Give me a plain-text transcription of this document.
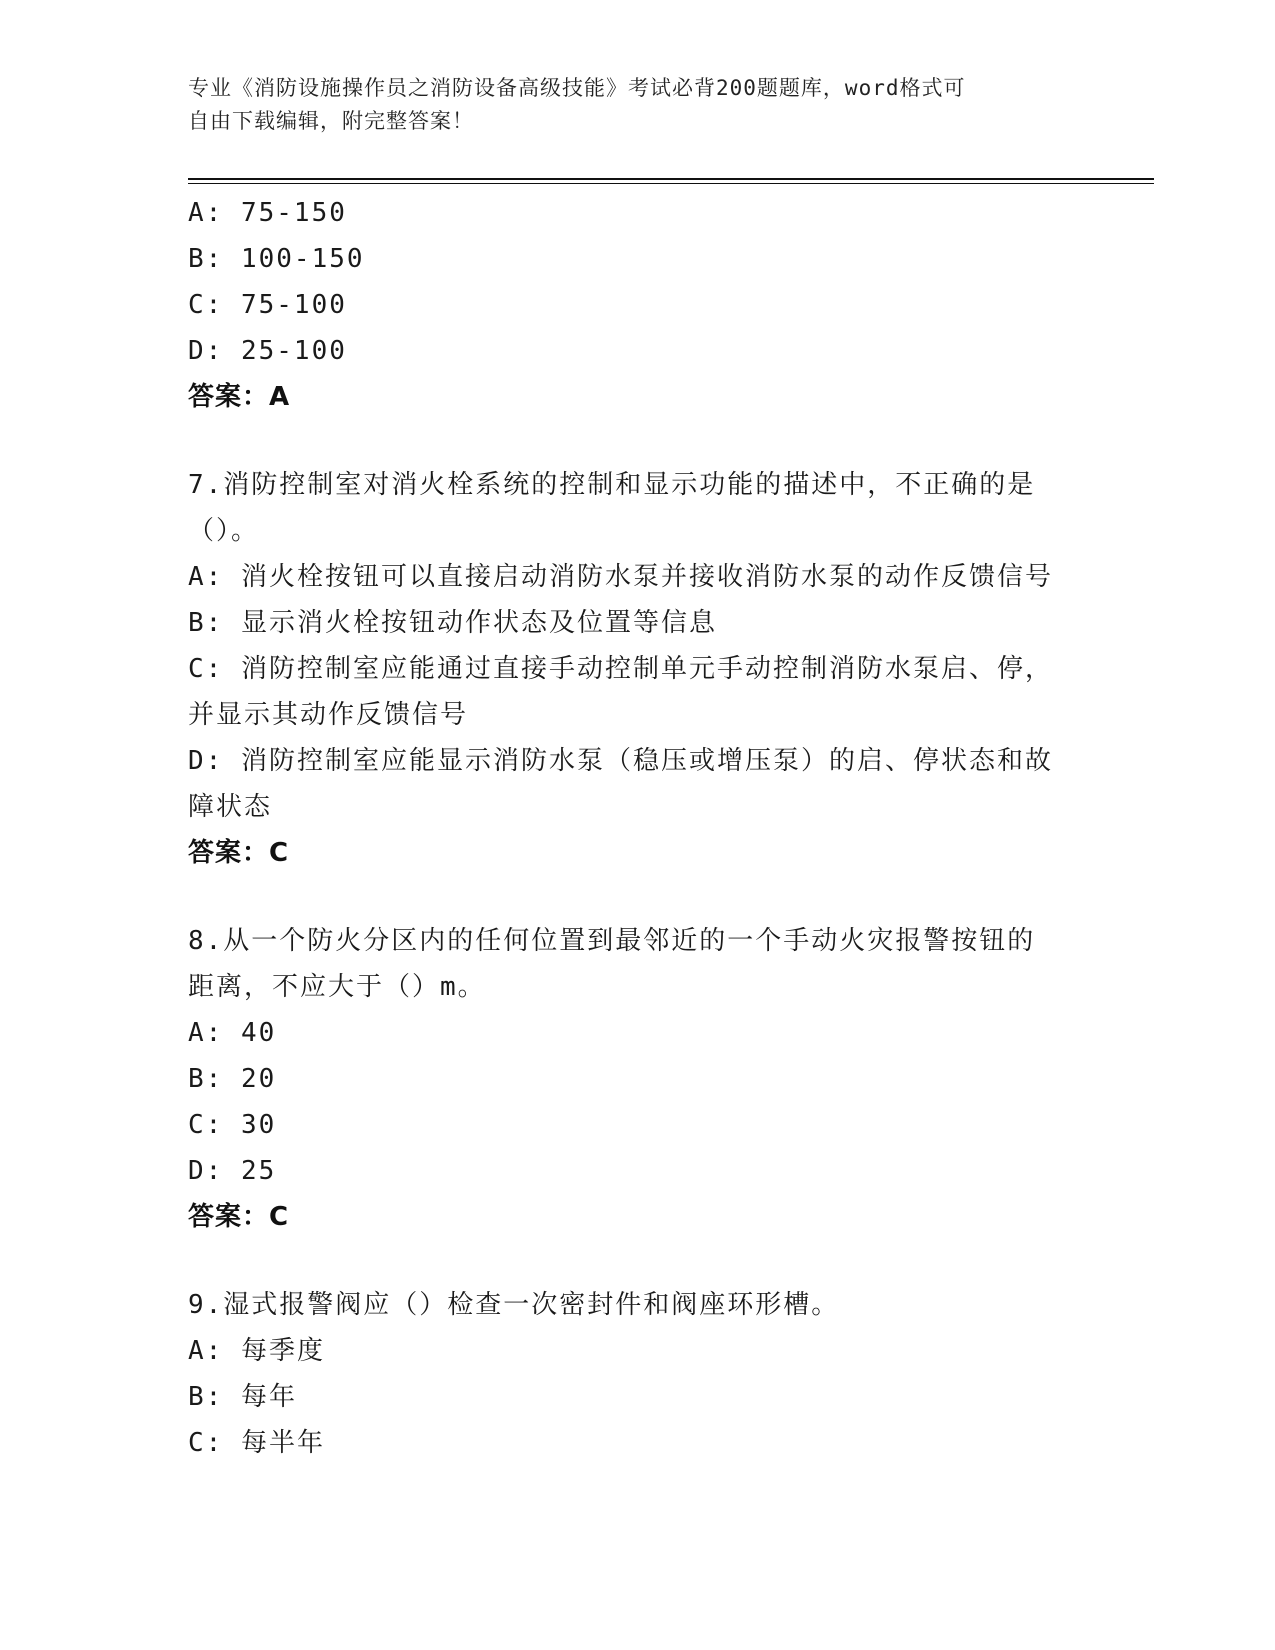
专业《消防设施操作员之消防设备高级技能》考试必背200题题库，word格式可
自由下载编辑，附完整答案！
A: 75-150
B: 100-150
C: 75-100
D: 25-100
答案：A
7.消防控制室对消火栓系统的控制和显示功能的描述中，不正确的是
（）。
A: 消火栓按钮可以直接启动消防水泵并接收消防水泵的动作反馈信号
B: 显示消火栓按钮动作状态及位置等信息
C: 消防控制室应能通过直接手动控制单元手动控制消防水泵启、停，
并显示其动作反馈信号
D: 消防控制室应能显示消防水泵（稳压或增压泵）的启、停状态和故
障状态
答案：C
8.从一个防火分区内的任何位置到最邻近的一个手动火灾报警按钮的
距离，不应大于（）m。
A: 40
B: 20
C: 30
D: 25
答案：C
9.湿式报警阀应（）检查一次密封件和阀座环形槽。
A: 每季度
B: 每年
C: 每半年
